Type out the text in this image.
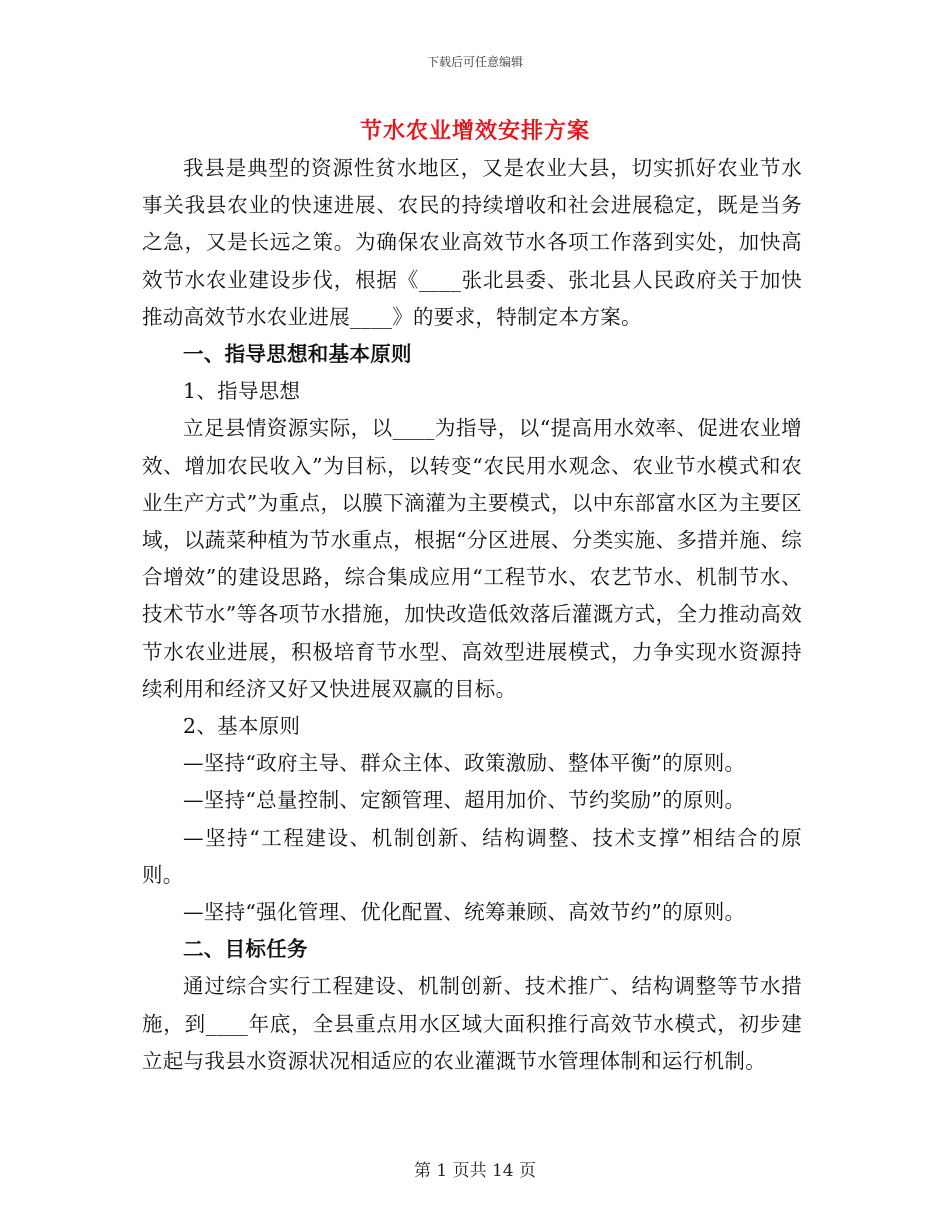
下载后可任意编辑
节水农业增效安排方案

我县是典型的资源性贫水地区，又是农业大县，切实抓好农业节水事关我县农业的快速进展、农民的持续增收和社会进展稳定，既是当务之急，又是长远之策。为确保农业高效节水各项工作落到实处，加快高效节水农业建设步伐，根据《____张北县委、张北县人民政府关于加快推动高效节水农业进展____》的要求，特制定本方案。

一、指导思想和基本原则

1、指导思想

立足县情资源实际，以____为指导，以“提高用水效率、促进农业增效、增加农民收入”为目标，以转变“农民用水观念、农业节水模式和农业生产方式”为重点，以膜下滴灌为主要模式，以中东部富水区为主要区域，以蔬菜种植为节水重点，根据“分区进展、分类实施、多措并施、综合增效”的建设思路，综合集成应用“工程节水、农艺节水、机制节水、技术节水”等各项节水措施，加快改造低效落后灌溉方式，全力推动高效节水农业进展，积极培育节水型、高效型进展模式，力争实现水资源持续利用和经济又好又快进展双赢的目标。

2、基本原则

—坚持“政府主导、群众主体、政策激励、整体平衡”的原则。

—坚持“总量控制、定额管理、超用加价、节约奖励”的原则。

—坚持“工程建设、机制创新、结构调整、技术支撑”相结合的原则。

—坚持“强化管理、优化配置、统筹兼顾、高效节约”的原则。

二、目标任务

通过综合实行工程建设、机制创新、技术推广、结构调整等节水措施，到____年底，全县重点用水区域大面积推行高效节水模式，初步建立起与我县水资源状况相适应的农业灌溉节水管理体制和运行机制。

第 1 页共 14 页
